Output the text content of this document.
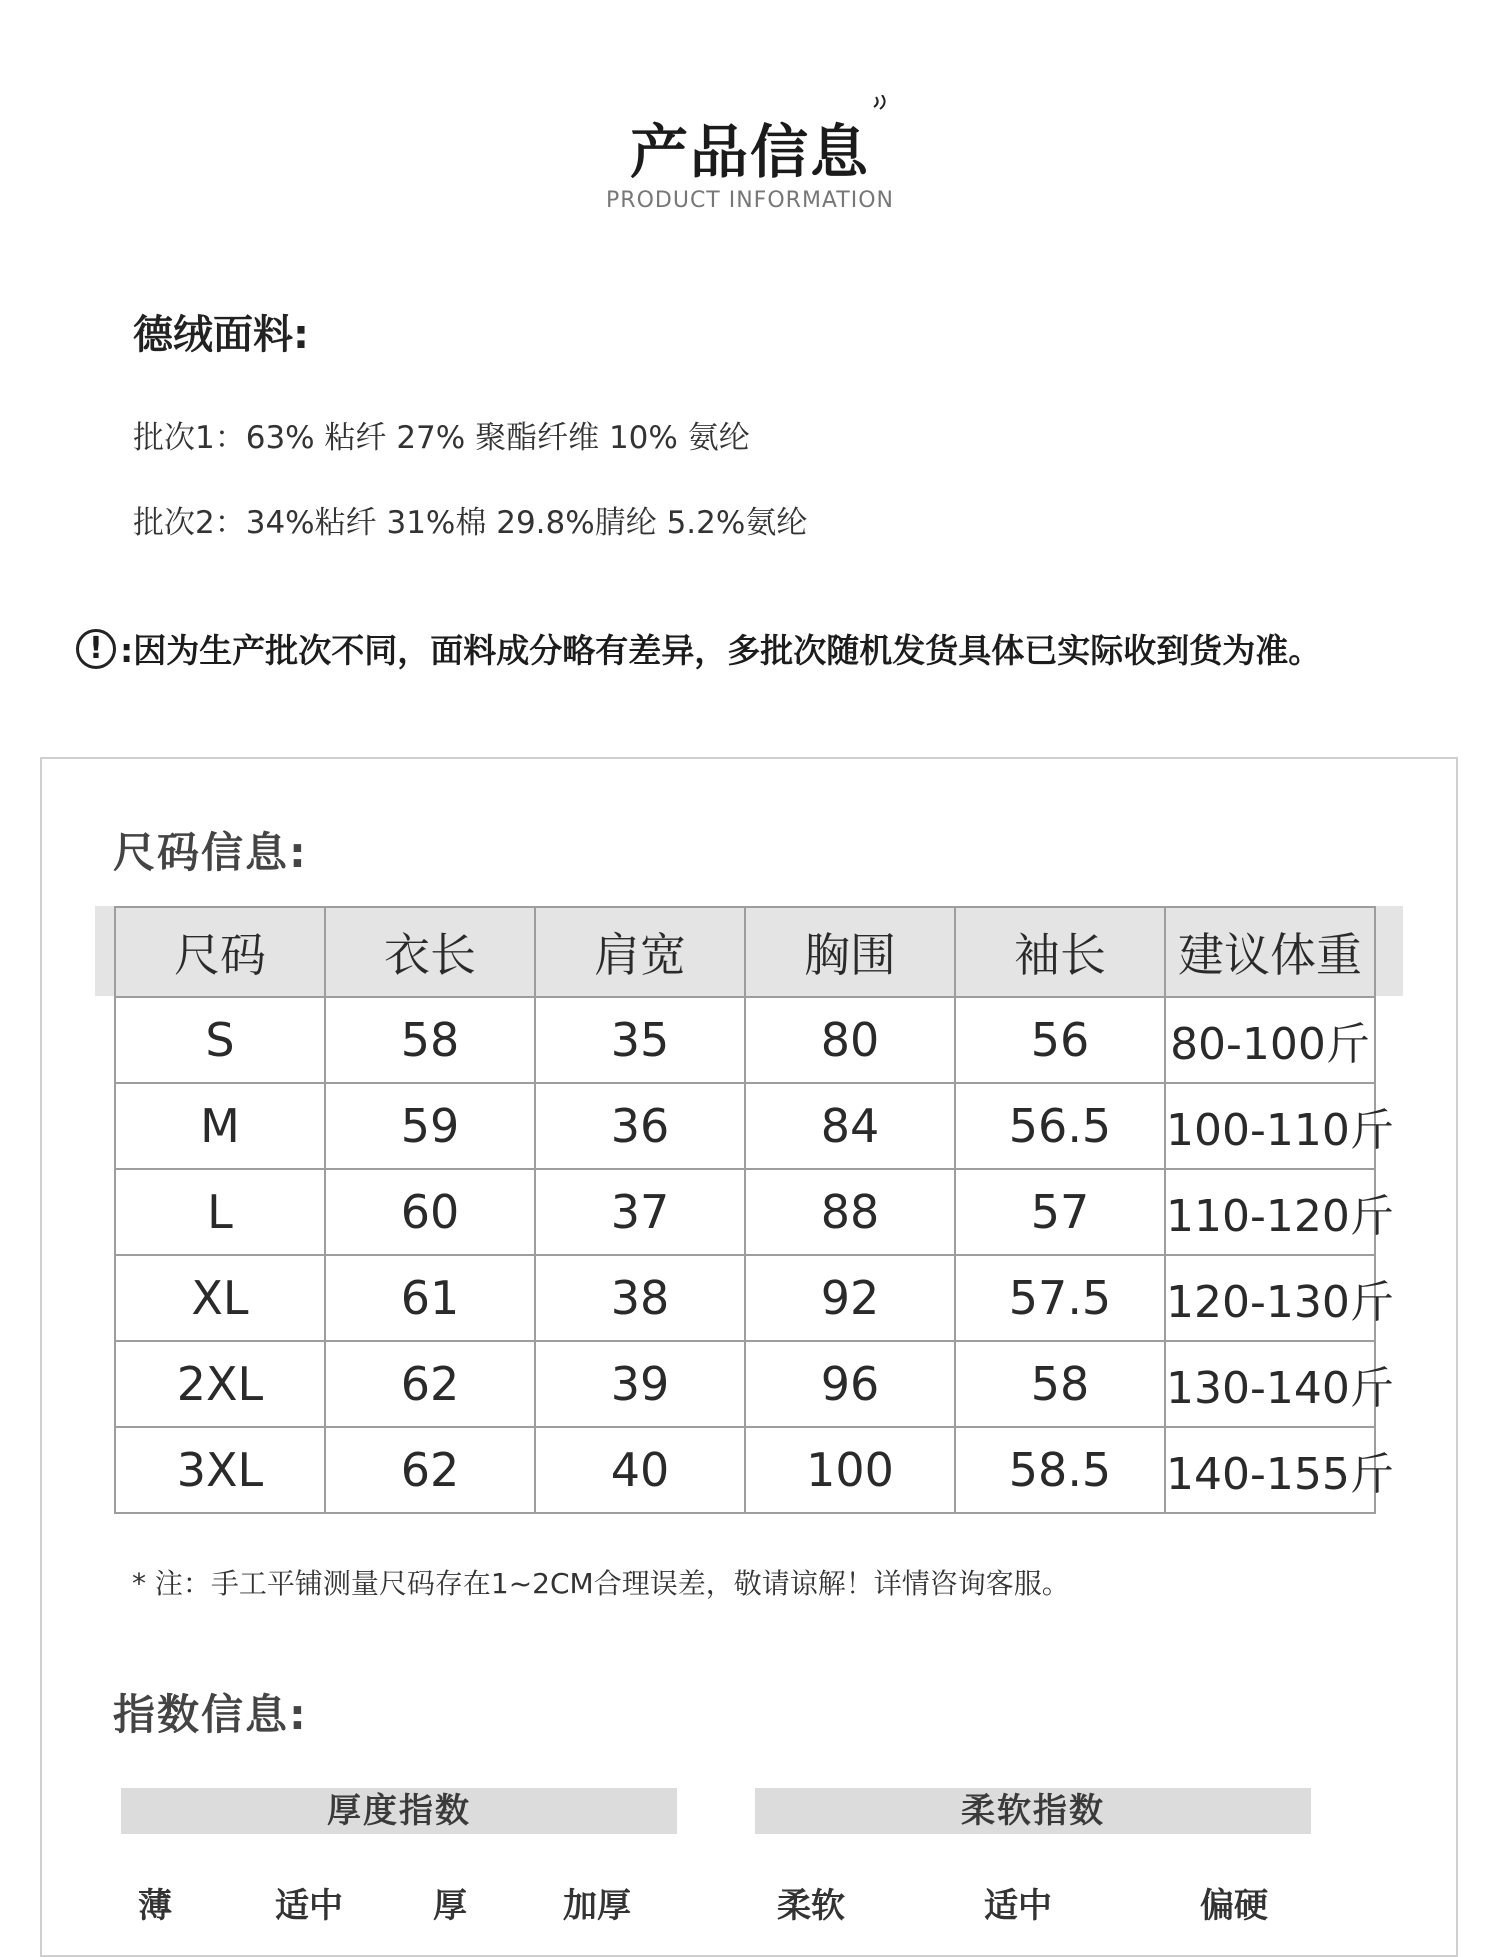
产品信息
PRODUCT INFORMATION
德绒面料:
批次1：63% 粘纤 27% 聚酯纤维 10% 氨纶
批次2：34%粘纤 31%棉 29.8%腈纶 5.2%氨纶
! :因为生产批次不同，面料成分略有差异，多批次随机发货具体已实际收到货为准。
尺码信息:
尺码	衣长	肩宽	胸围	袖长	建议体重
S	58	35	80	56	80-100斤
M	59	36	84	56.5	100-110斤
L	60	37	88	57	110-120斤
XL	61	38	92	57.5	120-130斤
2XL	62	39	96	58	130-140斤
3XL	62	40	100	58.5	140-155斤
* 注：手工平铺测量尺码存在1~2CM合理误差，敬请谅解！详情咨询客服。
指数信息:
厚度指数	柔软指数
薄	适中	厚	加厚	柔软	适中	偏硬
